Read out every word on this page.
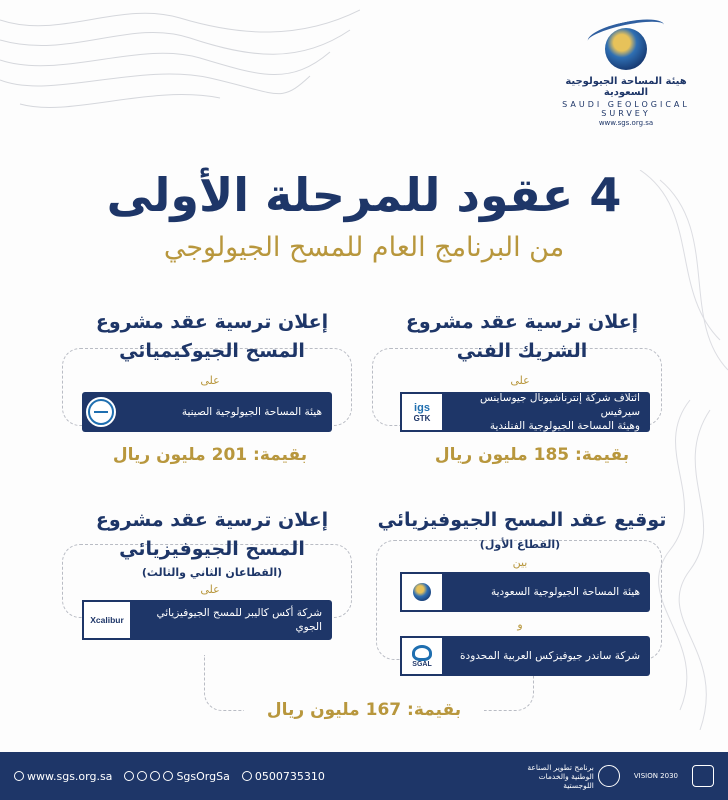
هيئة المساحة الجيولوجية السعودية
SAUDI GEOLOGICAL SURVEY
www.sgs.org.sa
4 عقود للمرحلة الأولى
من البرنامج العام للمسح الجيولوجي
إعلان ترسية عقد مشروع
الشريك الفني
على
ائتلاف شركة إنترناشيونال جيوساينس سيرفيس
وهيئة المساحة الجيولوجية الفنلندية
igs
GTK
بقيمة: 185 مليون ريال
إعلان ترسية عقد مشروع
المسح الجيوكيميائي
على
هيئة المساحة الجيولوجية الصينية
بقيمة: 201 مليون ريال
توقيع عقد المسح الجيوفيزيائي
(القطاع الأول)
بين
هيئة المساحة الجيولوجية السعودية
و
شركة ساندر جيوفيزكس العربية المحدودة
SGAL
إعلان ترسية عقد مشروع
المسح الجيوفيزيائي
(القطاعان الثاني والثالث)
على
شركة أكس كاليبر للمسح الجيوفيزيائي الجوي
Xcalibur
بقيمة: 167 مليون ريال
www.sgs.org.sa	SgsOrgSa 0500735310
برنامج تطوير الصناعة الوطنية والخدمات اللوجستية
VISION 2030
